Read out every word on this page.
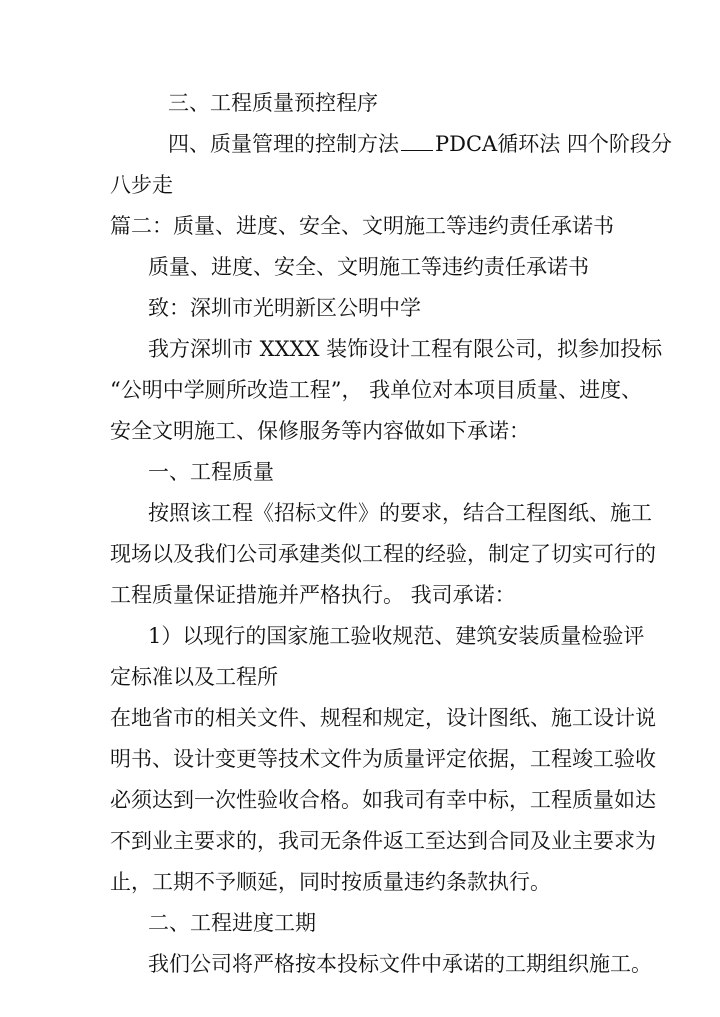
三、工程质量预控程序
四、质量管理的控制方法 PDCA循环法 四个阶段分
八步走
篇二：质量、进度、安全、文明施工等违约责任承诺书
质量、进度、安全、文明施工等违约责任承诺书
致：深圳市光明新区公明中学
我方深圳市 XXXX 装饰设计工程有限公司，拟参加投标
“公明中学厕所改造工程”， 我单位对本项目质量、进度、
安全文明施工、保修服务等内容做如下承诺：
一、工程质量
按照该工程《招标文件》的要求，结合工程图纸、施工
现场以及我们公司承建类似工程的经验，制定了切实可行的
工程质量保证措施并严格执行。 我司承诺：
1）以现行的国家施工验收规范、建筑安装质量检验评
定标准以及工程所
在地省市的相关文件、规程和规定，设计图纸、施工设计说
明书、设计变更等技术文件为质量评定依据，工程竣工验收
必须达到一次性验收合格。如我司有幸中标，工程质量如达
不到业主要求的，我司无条件返工至达到合同及业主要求为
止，工期不予顺延，同时按质量违约条款执行。
二、工程进度工期
我们公司将严格按本投标文件中承诺的工期组织施工。
